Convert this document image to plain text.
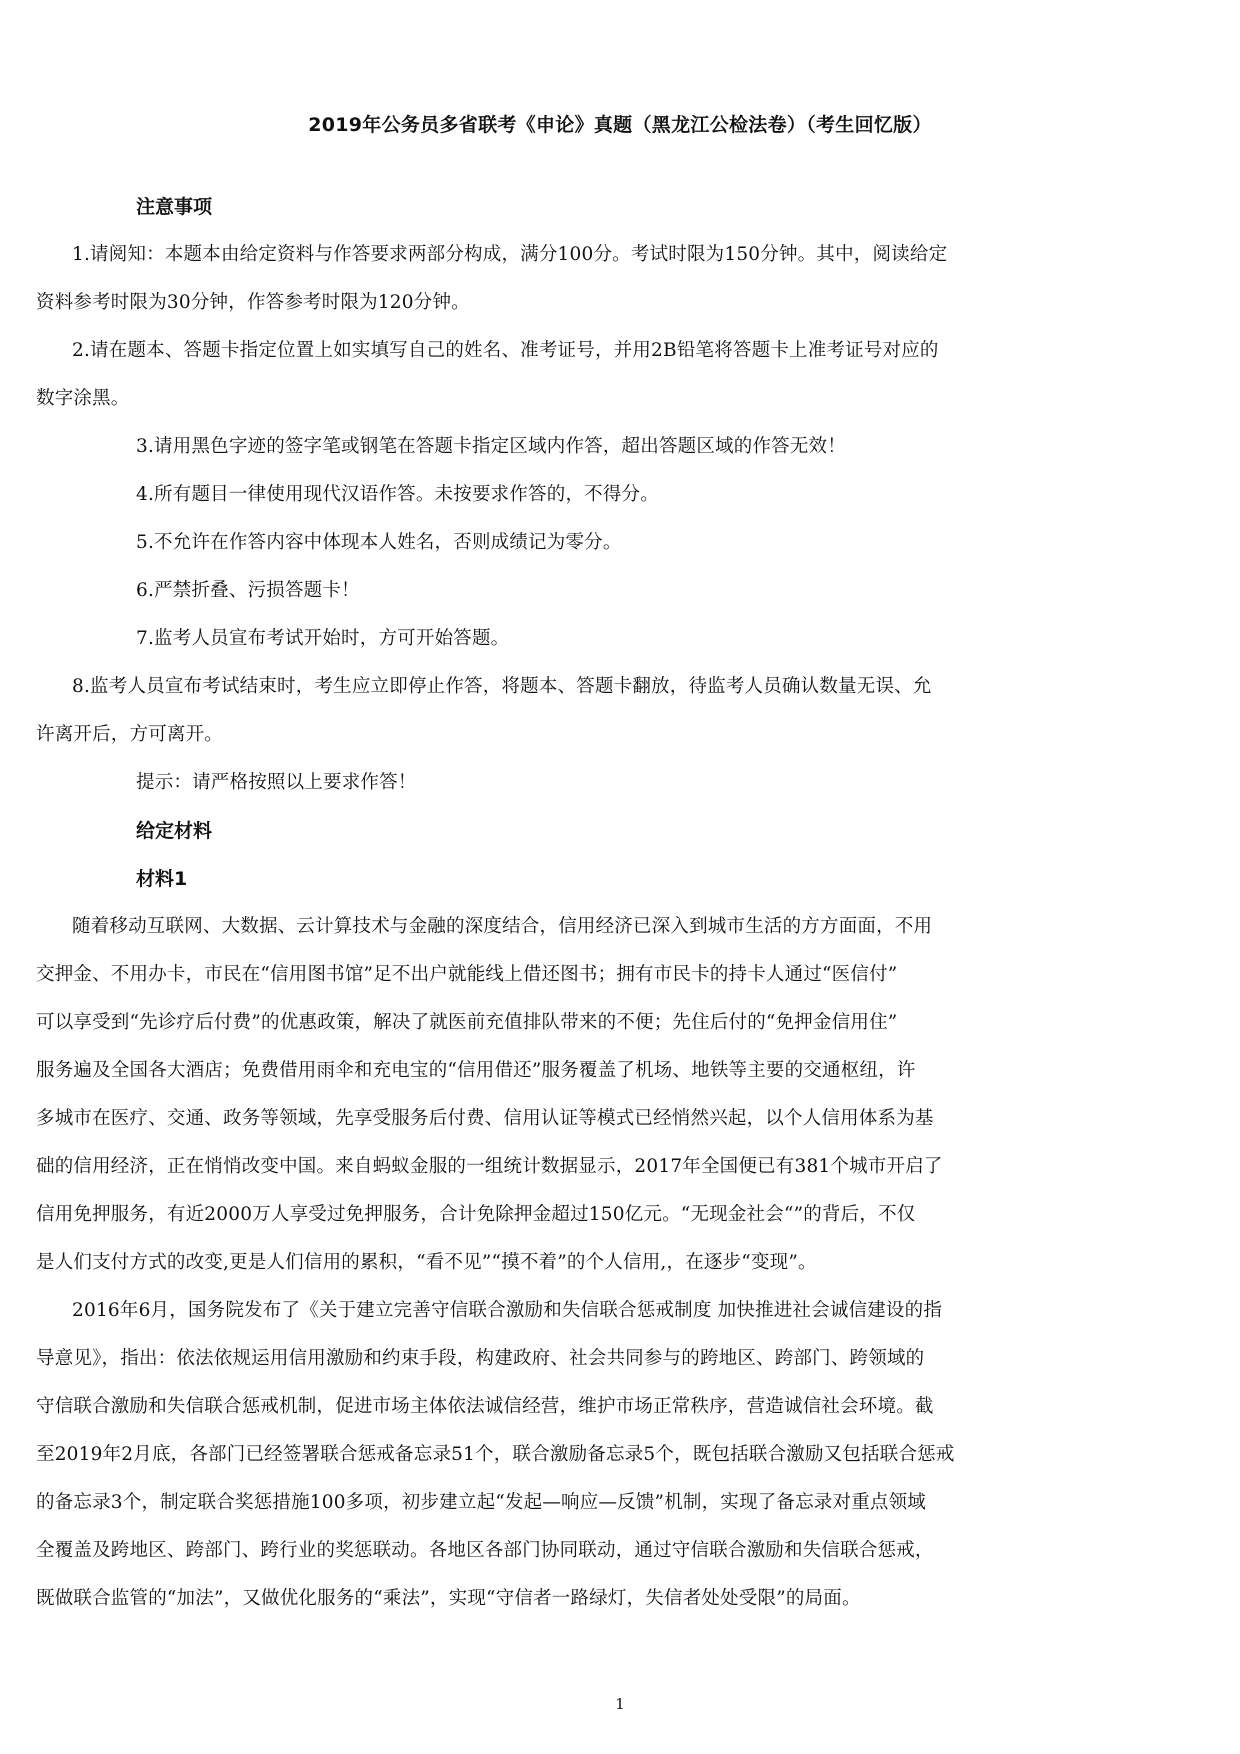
2019年公务员多省联考《申论》真题（黑龙江公检法卷）（考生回忆版）

注意事项

1.请阅知：本题本由给定资料与作答要求两部分构成，满分100分。考试时限为150分钟。其中，阅读给定
资料参考时限为30分钟，作答参考时限为120分钟。

2.请在题本、答题卡指定位置上如实填写自己的姓名、准考证号，并用2B铅笔将答题卡上准考证号对应的
数字涂黑。

3.请用黑色字迹的签字笔或钢笔在答题卡指定区域内作答，超出答题区域的作答无效！

4.所有题目一律使用现代汉语作答。未按要求作答的，不得分。

5.不允许在作答内容中体现本人姓名，否则成绩记为零分。

6.严禁折叠、污损答题卡！

7.监考人员宣布考试开始时，方可开始答题。

8.监考人员宣布考试结束时，考生应立即停止作答，将题本、答题卡翻放，待监考人员确认数量无误、允
许离开后，方可离开。

提示：请严格按照以上要求作答！

给定材料

材料1

随着移动互联网、大数据、云计算技术与金融的深度结合，信用经济已深入到城市生活的方方面面，不用
交押金、不用办卡，市民在“信用图书馆”足不出户就能线上借还图书；拥有市民卡的持卡人通过“医信付”
可以享受到“先诊疗后付费”的优惠政策，解决了就医前充值排队带来的不便；先住后付的“免押金信用住”
服务遍及全国各大酒店；免费借用雨伞和充电宝的“信用借还”服务覆盖了机场、地铁等主要的交通枢纽，许
多城市在医疗、交通、政务等领域，先享受服务后付费、信用认证等模式已经悄然兴起，以个人信用体系为基
础的信用经济，正在悄悄改变中国。来自蚂蚁金服的一组统计数据显示，2017年全国便已有381个城市开启了
信用免押服务，有近2000万人享受过免押服务，合计免除押金超过150亿元。“无现金社会“”的背后，不仅
是人们支付方式的改变,更是人们信用的累积，“看不见”“摸不着”的个人信用,，在逐步“变现”。

2016年6月，国务院发布了《关于建立完善守信联合激励和失信联合惩戒制度 加快推进社会诚信建设的指
导意见》，指出：依法依规运用信用激励和约束手段，构建政府、社会共同参与的跨地区、跨部门、跨领域的
守信联合激励和失信联合惩戒机制，促进市场主体依法诚信经营，维护市场正常秩序，营造诚信社会环境。截
至2019年2月底，各部门已经签署联合惩戒备忘录51个，联合激励备忘录5个，既包括联合激励又包括联合惩戒
的备忘录3个，制定联合奖惩措施100多项，初步建立起“发起—响应—反馈”机制，实现了备忘录对重点领域
全覆盖及跨地区、跨部门、跨行业的奖惩联动。各地区各部门协同联动，通过守信联合激励和失信联合惩戒，
既做联合监管的“加法”，又做优化服务的“乘法”，实现“守信者一路绿灯，失信者处处受限”的局面。

1
